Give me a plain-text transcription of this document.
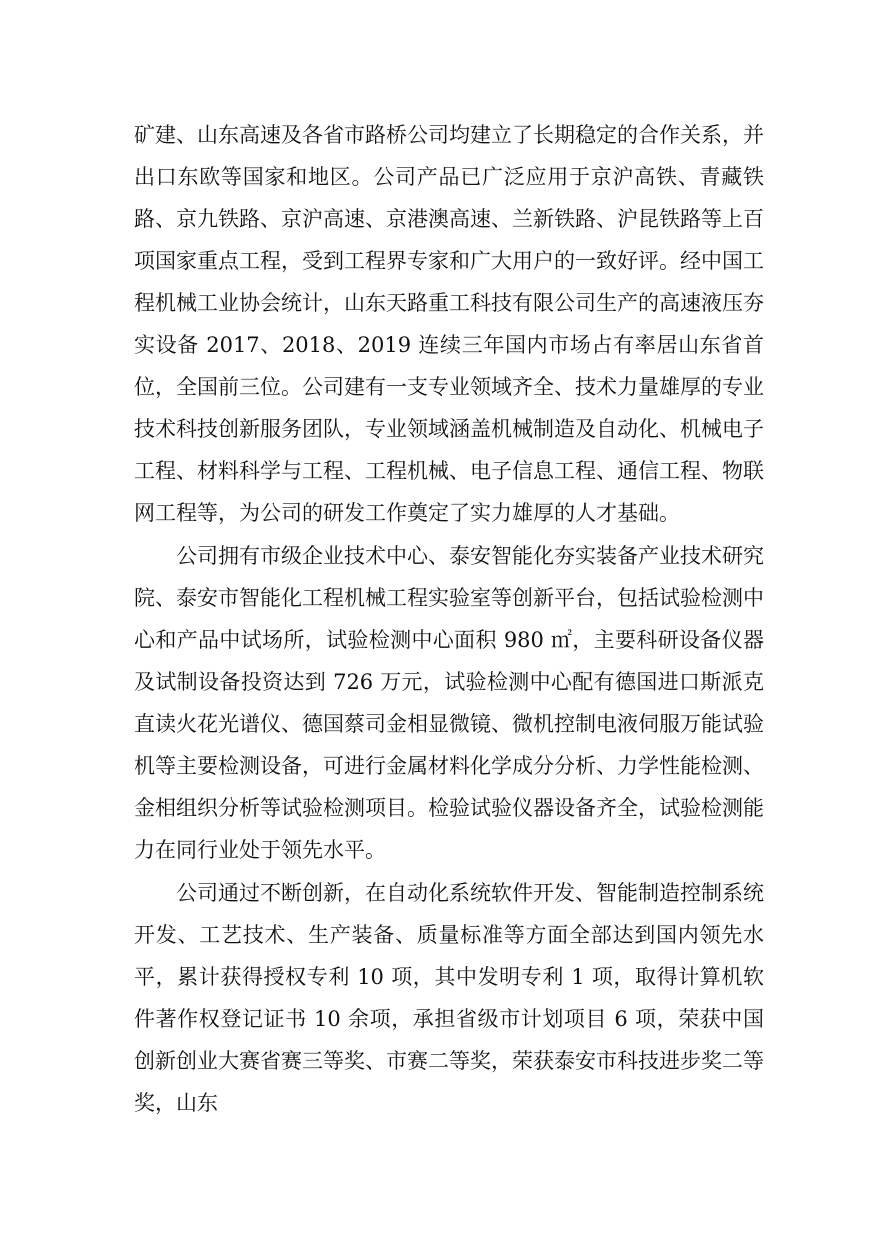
矿建、山东高速及各省市路桥公司均建立了长期稳定的合作关系，并出口东欧等国家和地区。公司产品已广泛应用于京沪高铁、青藏铁路、京九铁路、京沪高速、京港澳高速、兰新铁路、沪昆铁路等上百项国家重点工程，受到工程界专家和广大用户的一致好评。经中国工程机械工业协会统计，山东天路重工科技有限公司生产的高速液压夯实设备 2017、2018、2019 连续三年国内市场占有率居山东省首位，全国前三位。公司建有一支专业领域齐全、技术力量雄厚的专业技术科技创新服务团队，专业领域涵盖机械制造及自动化、机械电子工程、材料科学与工程、工程机械、电子信息工程、通信工程、物联网工程等，为公司的研发工作奠定了实力雄厚的人才基础。

公司拥有市级企业技术中心、泰安智能化夯实装备产业技术研究院、泰安市智能化工程机械工程实验室等创新平台，包括试验检测中心和产品中试场所，试验检测中心面积 980 ㎡，主要科研设备仪器及试制设备投资达到 726 万元，试验检测中心配有德国进口斯派克直读火花光谱仪、德国蔡司金相显微镜、微机控制电液伺服万能试验机等主要检测设备，可进行金属材料化学成分分析、力学性能检测、金相组织分析等试验检测项目。检验试验仪器设备齐全，试验检测能力在同行业处于领先水平。

公司通过不断创新，在自动化系统软件开发、智能制造控制系统开发、工艺技术、生产装备、质量标准等方面全部达到国内领先水平，累计获得授权专利 10 项，其中发明专利 1 项，取得计算机软件著作权登记证书 10 余项，承担省级市计划项目 6 项，荣获中国创新创业大赛省赛三等奖、市赛二等奖，荣获泰安市科技进步奖二等奖，山东
